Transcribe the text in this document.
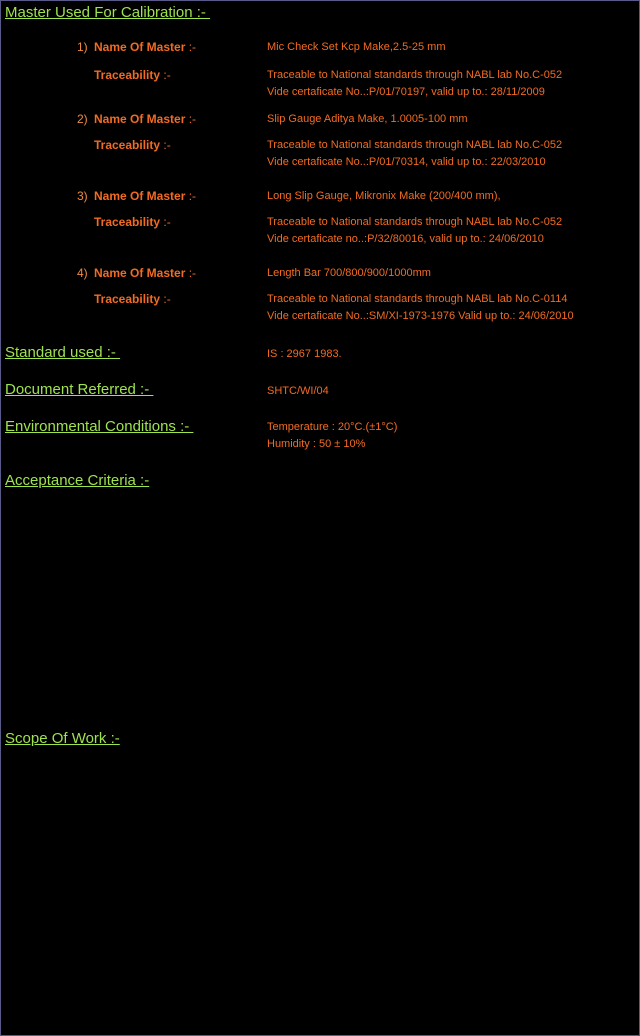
Master Used For Calibration :-
1) Name Of Master :-	Mic Check Set Kcp Make,2.5-25 mm
Traceability :-	Traceable to National standards through NABL lab No.C-052
Vide certaficate No..:P/01/70197, valid up to.: 28/11/2009
2) Name Of Master :-	Slip Gauge Aditya Make, 1.0005-100 mm
Traceability :-	Traceable to National standards through NABL lab No.C-052
Vide certaficate No..:P/01/70314, valid up to.: 22/03/2010
3) Name Of Master :-	Long Slip Gauge, Mikronix Make (200/400 mm),
Traceability :-	Traceable to National standards through NABL lab No.C-052
Vide certaficate no..:P/32/80016, valid up to.: 24/06/2010
4) Name Of Master :-	Length Bar 700/800/900/1000mm
Traceability :-	Traceable to National standards through NABL lab No.C-0114
Vide certaficate No..:SM/XI-1973-1976 Valid up to.: 24/06/2010
Standard used :-	IS : 2967 1983.
Document Referred :-	SHTC/WI/04
Environmental Conditions :-	Temperature : 20°C.(±1°C)
Humidity : 50 ± 10%
Acceptance Criteria :-
Scope Of Work :-
